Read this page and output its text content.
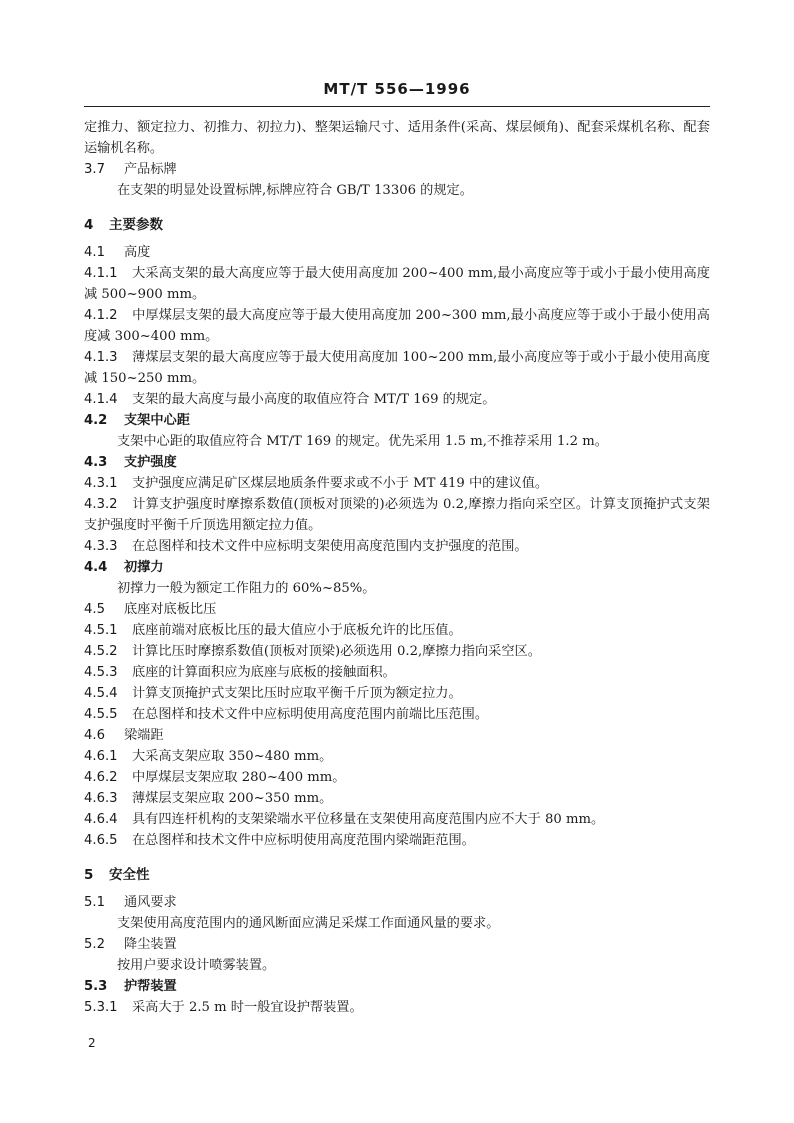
MT/T 556—1996

定推力、额定拉力、初推力、初拉力)、整架运输尺寸、适用条件(采高、煤层倾角)、配套采煤机名称、配套运输机名称。

3.7 产品标牌

在支架的明显处设置标牌,标牌应符合 GB/T 13306 的规定。

4 主要参数

4.1 高度

4.1.1 大采高支架的最大高度应等于最大使用高度加 200~400 mm,最小高度应等于或小于最小使用高度减 500~900 mm。

4.1.2 中厚煤层支架的最大高度应等于最大使用高度加 200~300 mm,最小高度应等于或小于最小使用高度减 300~400 mm。

4.1.3 薄煤层支架的最大高度应等于最大使用高度加 100~200 mm,最小高度应等于或小于最小使用高度减 150~250 mm。

4.1.4 支架的最大高度与最小高度的取值应符合 MT/T 169 的规定。

4.2 支架中心距

支架中心距的取值应符合 MT/T 169 的规定。优先采用 1.5 m,不推荐采用 1.2 m。

4.3 支护强度

4.3.1 支护强度应满足矿区煤层地质条件要求或不小于 MT 419 中的建议值。

4.3.2 计算支护强度时摩擦系数值(顶板对顶梁的)必须选为 0.2,摩擦力指向采空区。计算支顶掩护式支架支护强度时平衡千斤顶选用额定拉力值。

4.3.3 在总图样和技术文件中应标明支架使用高度范围内支护强度的范围。

4.4 初撑力

初撑力一般为额定工作阻力的 60%~85%。

4.5 底座对底板比压

4.5.1 底座前端对底板比压的最大值应小于底板允许的比压值。

4.5.2 计算比压时摩擦系数值(顶板对顶梁)必须选用 0.2,摩擦力指向采空区。

4.5.3 底座的计算面积应为底座与底板的接触面积。

4.5.4 计算支顶掩护式支架比压时应取平衡千斤顶为额定拉力。

4.5.5 在总图样和技术文件中应标明使用高度范围内前端比压范围。

4.6 梁端距

4.6.1 大采高支架应取 350~480 mm。

4.6.2 中厚煤层支架应取 280~400 mm。

4.6.3 薄煤层支架应取 200~350 mm。

4.6.4 具有四连杆机构的支架梁端水平位移量在支架使用高度范围内应不大于 80 mm。

4.6.5 在总图样和技术文件中应标明使用高度范围内梁端距范围。

5 安全性

5.1 通风要求

支架使用高度范围内的通风断面应满足采煤工作面通风量的要求。

5.2 降尘装置

按用户要求设计喷雾装置。

5.3 护帮装置

5.3.1 采高大于 2.5 m 时一般宜设护帮装置。

2
